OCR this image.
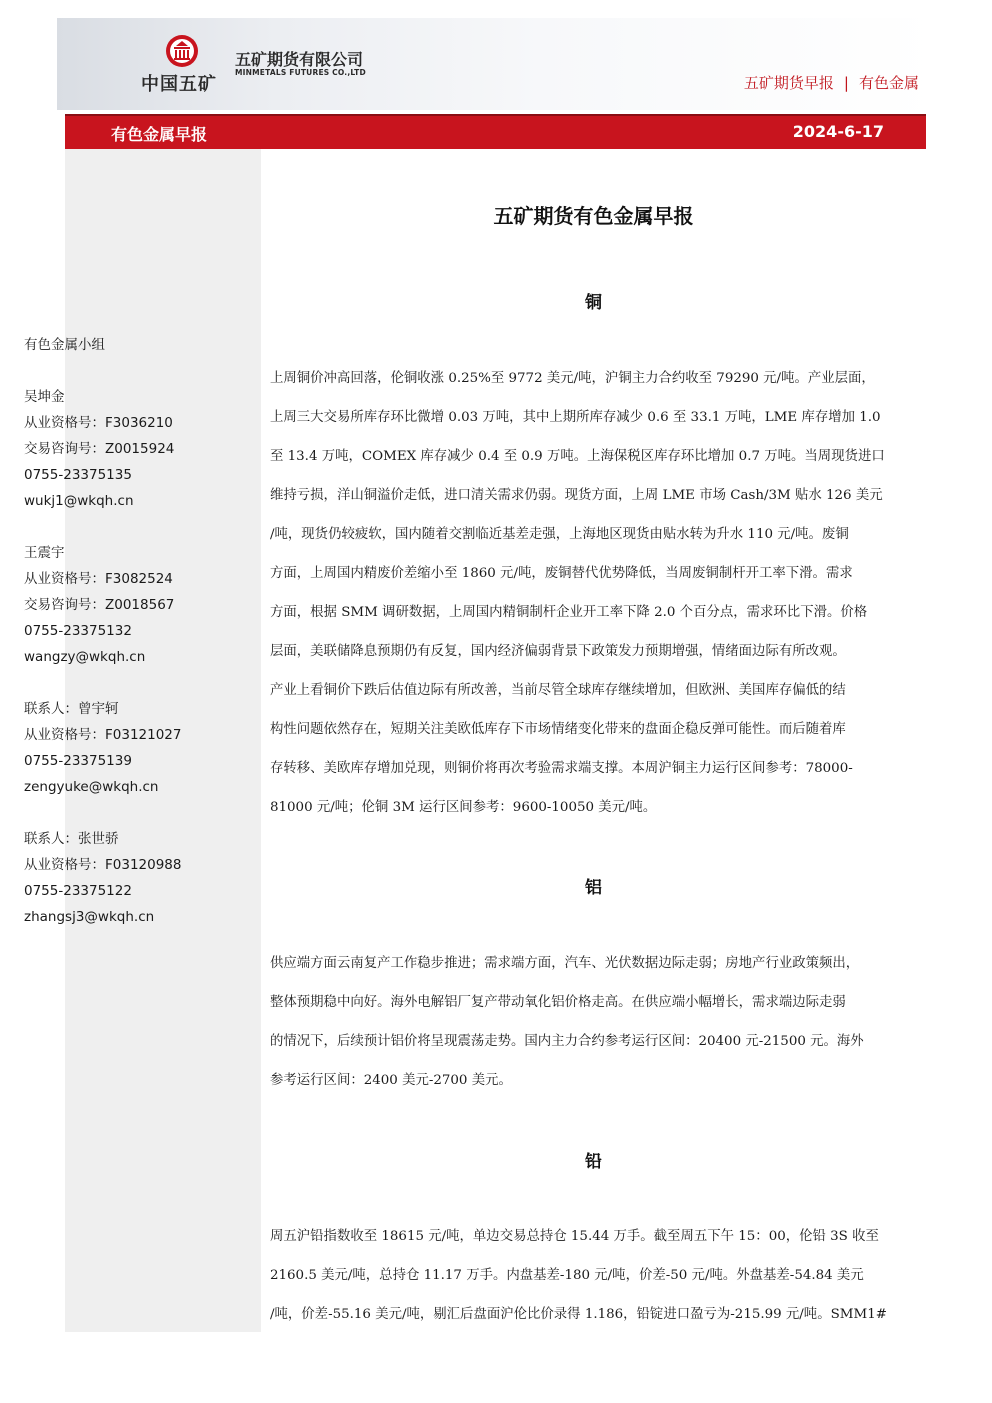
中国五矿
五矿期货有限公司
MINMETALS FUTURES CO.,LTD
五矿期货早报 | 有色金属
有色金属早报	2024-6-17
有色金属小组
吴坤金
从业资格号：F3036210
交易咨询号：Z0015924
0755-23375135
wukj1@wkqh.cn
王震宇
从业资格号：F3082524
交易咨询号：Z0018567
0755-23375132
wangzy@wkqh.cn
联系人：曾宇轲
从业资格号：F03121027
0755-23375139
zengyuke@wkqh.cn
联系人：张世骄
从业资格号：F03120988
0755-23375122
zhangsj3@wkqh.cn
五矿期货有色金属早报
铜
上周铜价冲高回落，伦铜收涨 0.25%至 9772 美元/吨，沪铜主力合约收至 79290 元/吨。产业层面，
上周三大交易所库存环比微增 0.03 万吨，其中上期所库存减少 0.6 至 33.1 万吨，LME 库存增加 1.0
至 13.4 万吨，COMEX 库存减少 0.4 至 0.9 万吨。上海保税区库存环比增加 0.7 万吨。当周现货进口
维持亏损，洋山铜溢价走低，进口清关需求仍弱。现货方面，上周 LME 市场 Cash/3M 贴水 126 美元
/吨，现货仍较疲软，国内随着交割临近基差走强，上海地区现货由贴水转为升水 110 元/吨。废铜
方面，上周国内精废价差缩小至 1860 元/吨，废铜替代优势降低，当周废铜制杆开工率下滑。需求
方面，根据 SMM 调研数据，上周国内精铜制杆企业开工率下降 2.0 个百分点，需求环比下滑。价格
层面，美联储降息预期仍有反复，国内经济偏弱背景下政策发力预期增强，情绪面边际有所改观。
产业上看铜价下跌后估值边际有所改善，当前尽管全球库存继续增加，但欧洲、美国库存偏低的结
构性问题依然存在，短期关注美欧低库存下市场情绪变化带来的盘面企稳反弹可能性。而后随着库
存转移、美欧库存增加兑现，则铜价将再次考验需求端支撑。本周沪铜主力运行区间参考：78000-
81000 元/吨；伦铜 3M 运行区间参考：9600-10050 美元/吨。
铝
供应端方面云南复产工作稳步推进；需求端方面，汽车、光伏数据边际走弱；房地产行业政策频出，
整体预期稳中向好。海外电解铝厂复产带动氧化铝价格走高。在供应端小幅增长，需求端边际走弱
的情况下，后续预计铝价将呈现震荡走势。国内主力合约参考运行区间：20400 元-21500 元。海外
参考运行区间：2400 美元-2700 美元。
铅
周五沪铅指数收至 18615 元/吨，单边交易总持仓 15.44 万手。截至周五下午 15：00，伦铅 3S 收至
2160.5 美元/吨，总持仓 11.17 万手。内盘基差-180 元/吨，价差-50 元/吨。外盘基差-54.84 美元
/吨，价差-55.16 美元/吨，剔汇后盘面沪伦比价录得 1.186，铅锭进口盈亏为-215.99 元/吨。SMM1#
